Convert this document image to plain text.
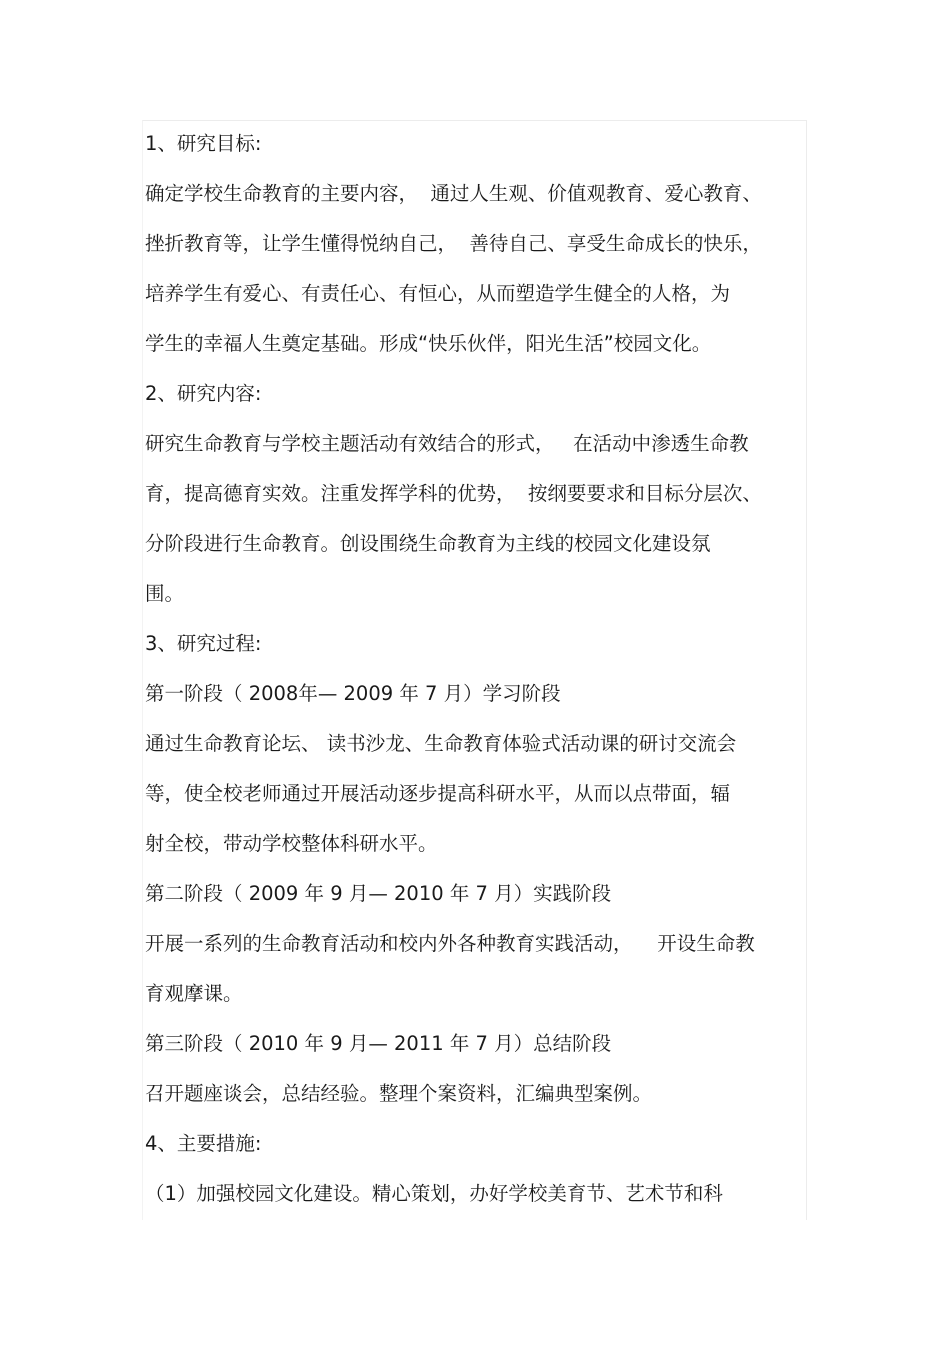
1、研究目标:
确定学校生命教育的主要内容，  通过人生观、价值观教育、爱心教育、
挫折教育等，让学生懂得悦纳自己，  善待自己、享受生命成长的快乐，
培养学生有爱心、有责任心、有恒心，从而塑造学生健全的人格，为
学生的幸福人生奠定基础。形成“快乐伙伴，阳光生活”校园文化。
2、研究内容:
研究生命教育与学校主题活动有效结合的形式，   在活动中渗透生命教
育，提高德育实效。注重发挥学科的优势，  按纲要要求和目标分层次、
分阶段进行生命教育。创设围绕生命教育为主线的校园文化建设氛
围。
3、研究过程:
第一阶段（ 2008年— 2009 年 7 月）学习阶段
通过生命教育论坛、 读书沙龙、生命教育体验式活动课的研讨交流会
等，使全校老师通过开展活动逐步提高科研水平，从而以点带面，辐
射全校，带动学校整体科研水平。
第二阶段（ 2009 年 9 月— 2010 年 7 月）实践阶段
开展一系列的生命教育活动和校内外各种教育实践活动，    开设生命教
育观摩课。
第三阶段（ 2010 年 9 月— 2011 年 7 月）总结阶段
召开题座谈会，总结经验。整理个案资料，汇编典型案例。
4、主要措施:
（1）加强校园文化建设。精心策划，办好学校美育节、艺术节和科
